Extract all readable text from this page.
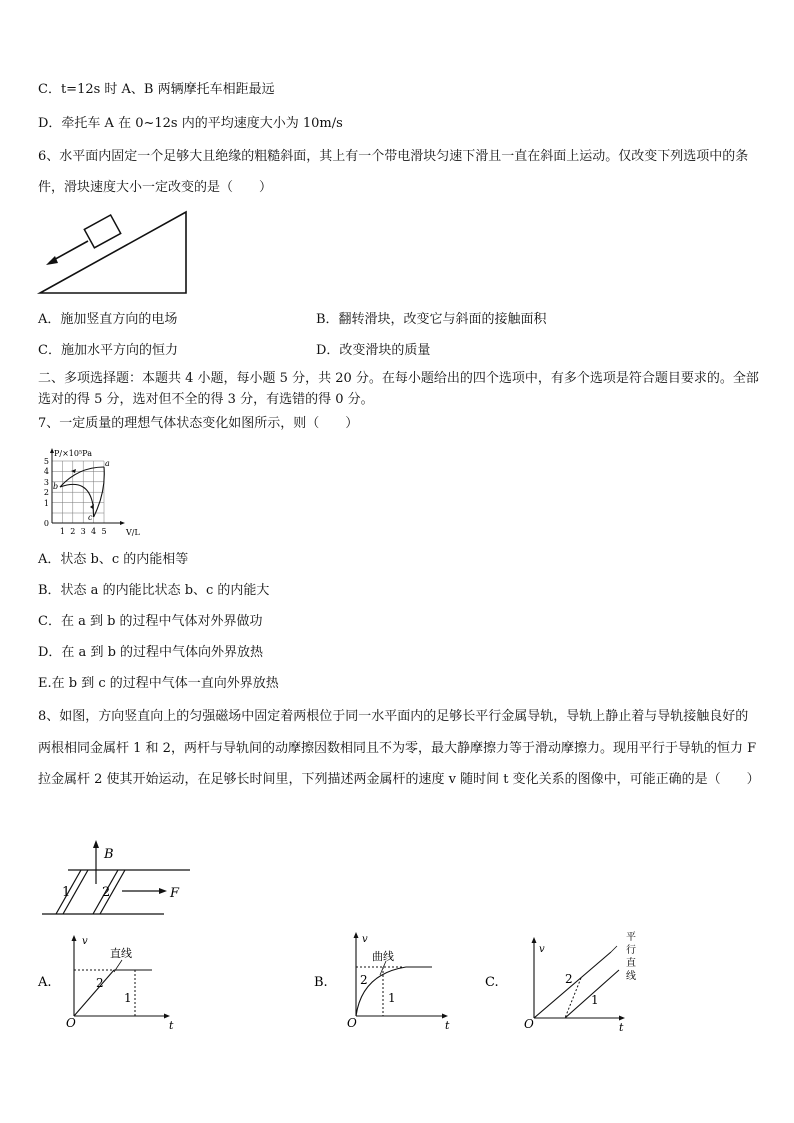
C．t=12s 时 A、B 两辆摩托车相距最远
D．牵托车 A 在 0~12s 内的平均速度大小为 10m/s
6、水平面内固定一个足够大且绝缘的粗糙斜面，其上有一个带电滑块匀速下滑且一直在斜面上运动。仅改变下列选项中的条件，滑块速度大小一定改变的是（　　）
A．施加竖直方向的电场	B．翻转滑块，改变它与斜面的接触面积
C．施加水平方向的恒力	D．改变滑块的质量
二、多项选择题：本题共 4 小题，每小题 5 分，共 20 分。在每小题给出的四个选项中，有多个选项是符合题目要求的。全部选对的得 5 分，选对但不全的得 3 分，有选错的得 0 分。
7、一定质量的理想气体状态变化如图所示，则（　　）
P/×10⁵Pa
V/L
5
4
3
2
1
0
1 2 3 4 5
a
b
c
A．状态 b、c 的内能相等
B．状态 a 的内能比状态 b、c 的内能大
C．在 a 到 b 的过程中气体对外界做功
D．在 a 到 b 的过程中气体向外界放热
E.在 b 到 c 的过程中气体一直向外界放热
8、如图，方向竖直向上的匀强磁场中固定着两根位于同一水平面内的足够长平行金属导轨，导轨上静止着与导轨接触良好的两根相同金属杆 1 和 2，两杆与导轨间的动摩擦因数相同且不为零，最大静摩擦力等于滑动摩擦力。现用平行于导轨的恒力 F 拉金属杆 2 使其开始运动，在足够长时间里，下列描述两金属杆的速度 v 随时间 t 变化关系的图像中，可能正确的是（　　）
B
F
1 2
A.
v
t
O
直线
2
1
B.
v
t
O
曲线
2
1
C.
v
t
O
平
行
直
线
2
1
